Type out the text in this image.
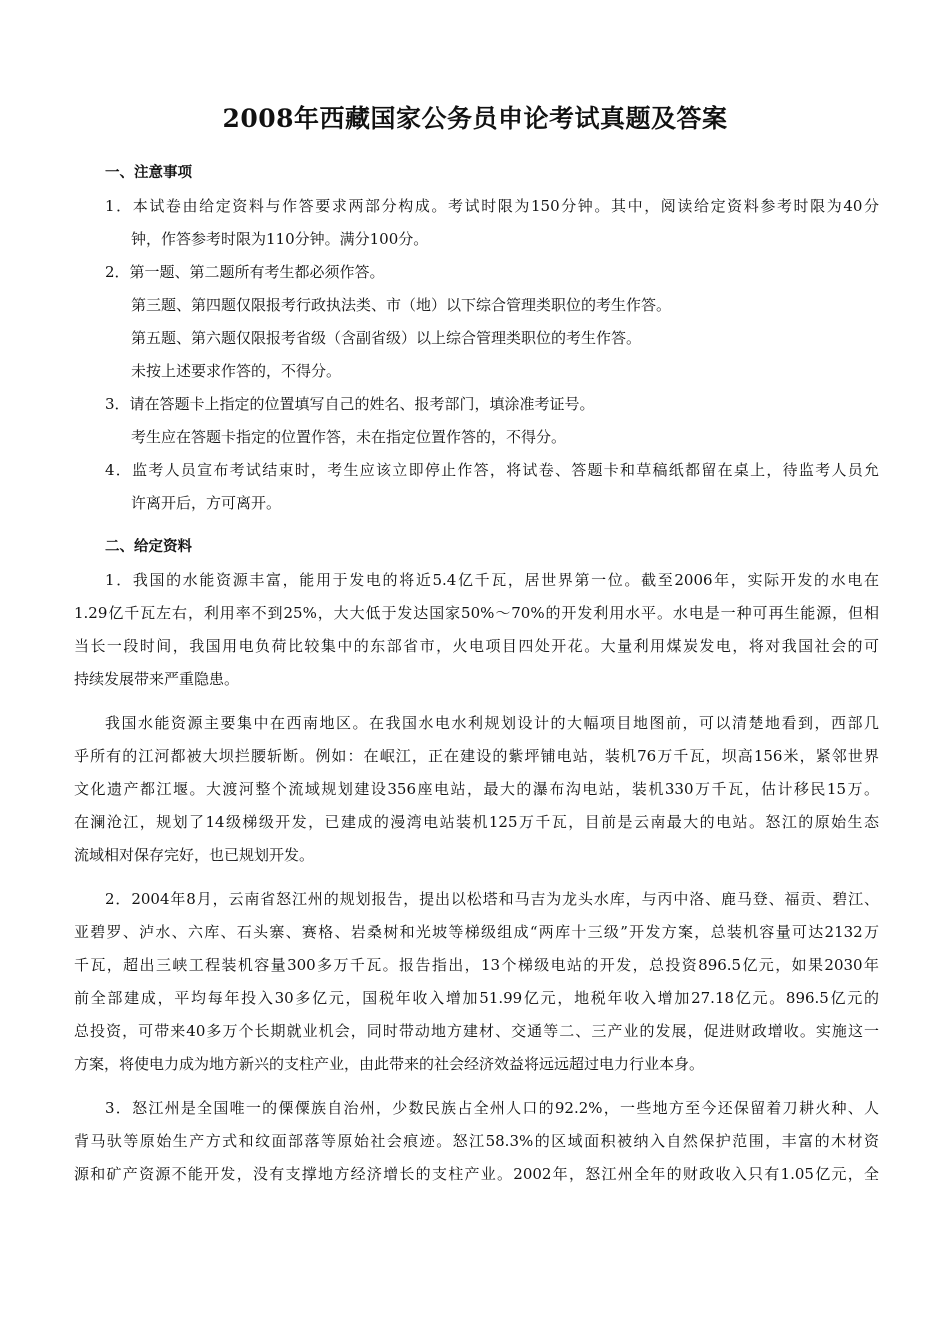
2008年西藏国家公务员申论考试真题及答案
一、注意事项
1．本试卷由给定资料与作答要求两部分构成。考试时限为150分钟。其中，阅读给定资料参考时限为40分
钟，作答参考时限为110分钟。满分100分。
2．第一题、第二题所有考生都必须作答。
第三题、第四题仅限报考行政执法类、市（地）以下综合管理类职位的考生作答。
第五题、第六题仅限报考省级（含副省级）以上综合管理类职位的考生作答。
未按上述要求作答的，不得分。
3．请在答题卡上指定的位置填写自己的姓名、报考部门，填涂准考证号。
考生应在答题卡指定的位置作答，未在指定位置作答的，不得分。
4．监考人员宣布考试结束时，考生应该立即停止作答，将试卷、答题卡和草稿纸都留在桌上，待监考人员允
许离开后，方可离开。
二、给定资料
1．我国的水能资源丰富，能用于发电的将近5.4亿千瓦，居世界第一位。截至2006年，实际开发的水电在
1.29亿千瓦左右，利用率不到25%，大大低于发达国家50%～70%的开发利用水平。水电是一种可再生能源，但相
当长一段时间，我国用电负荷比较集中的东部省市，火电项目四处开花。大量利用煤炭发电，将对我国社会的可
持续发展带来严重隐患。
我国水能资源主要集中在西南地区。在我国水电水利规划设计的大幅项目地图前，可以清楚地看到，西部几
乎所有的江河都被大坝拦腰斩断。例如：在岷江，正在建设的紫坪铺电站，装机76万千瓦，坝高156米，紧邻世界
文化遗产都江堰。大渡河整个流域规划建设356座电站，最大的瀑布沟电站，装机330万千瓦，估计移民15万。
在澜沧江，规划了14级梯级开发，已建成的漫湾电站装机125万千瓦，目前是云南最大的电站。怒江的原始生态
流域相对保存完好，也已规划开发。
2．2004年8月，云南省怒江州的规划报告，提出以松塔和马吉为龙头水库，与丙中洛、鹿马登、福贡、碧江、
亚碧罗、泸水、六库、石头寨、赛格、岩桑树和光坡等梯级组成“两库十三级”开发方案，总装机容量可达2132万
千瓦，超出三峡工程装机容量300多万千瓦。报告指出，13个梯级电站的开发，总投资896.5亿元，如果2030年
前全部建成，平均每年投入30多亿元，国税年收入增加51.99亿元，地税年收入增加27.18亿元。896.5亿元的
总投资，可带来40多万个长期就业机会，同时带动地方建材、交通等二、三产业的发展，促进财政增收。实施这一
方案，将使电力成为地方新兴的支柱产业，由此带来的社会经济效益将远远超过电力行业本身。
3．怒江州是全国唯一的傈僳族自治州，少数民族占全州人口的92.2%，一些地方至今还保留着刀耕火种、人
背马驮等原始生产方式和纹面部落等原始社会痕迹。怒江58.3%的区域面积被纳入自然保护范围，丰富的木材资
源和矿产资源不能开发，没有支撑地方经济增长的支柱产业。2002年，怒江州全年的财政收入只有1.05亿元，全
